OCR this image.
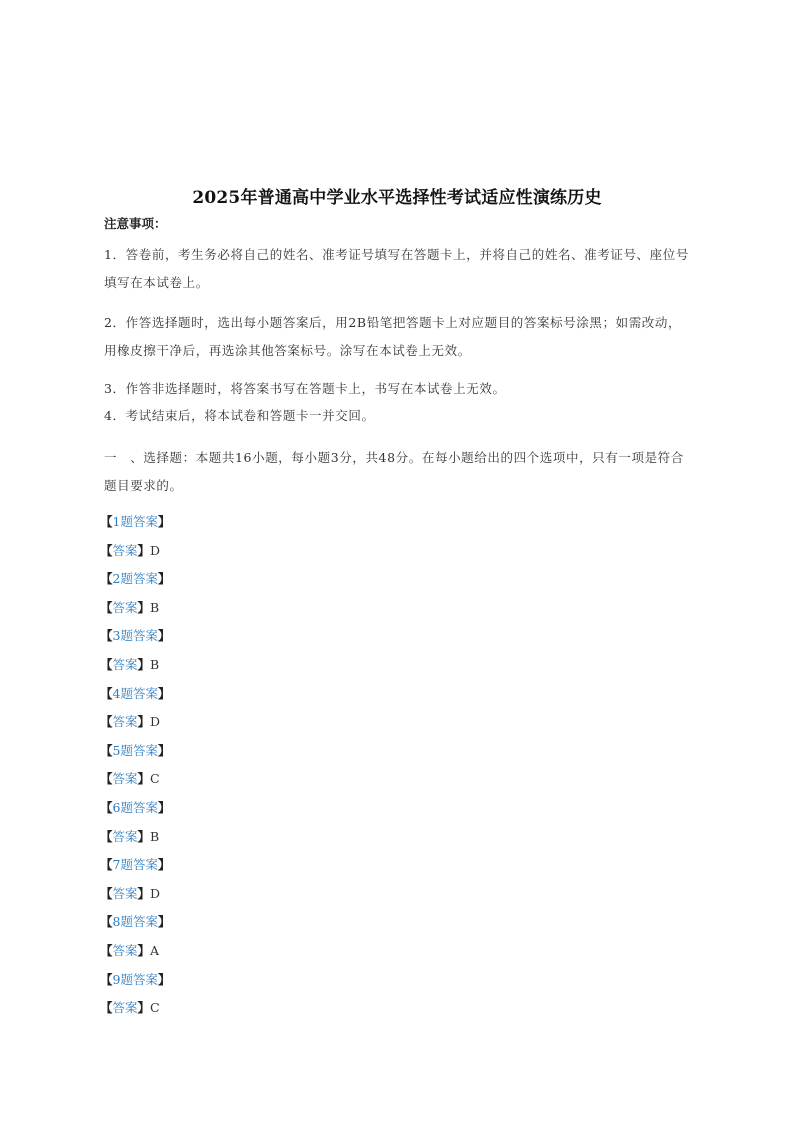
2025年普通高中学业水平选择性考试适应性演练历史
注意事项：
1．答卷前，考生务必将自己的姓名、准考证号填写在答题卡上，并将自己的姓名、准考证号、座位号填写在本试卷上。
2．作答选择题时，选出每小题答案后，用2B铅笔把答题卡上对应题目的答案标号涂黑；如需改动，用橡皮擦干净后，再选涂其他答案标号。涂写在本试卷上无效。
3．作答非选择题时，将答案书写在答题卡上，书写在本试卷上无效。
4．考试结束后，将本试卷和答题卡一并交回。
一　、选择题：本题共16小题，每小题3分，共48分。在每小题给出的四个选项中，只有一项是符合题目要求的。
【1题答案】
【答案】D
【2题答案】
【答案】B
【3题答案】
【答案】B
【4题答案】
【答案】D
【5题答案】
【答案】C
【6题答案】
【答案】B
【7题答案】
【答案】D
【8题答案】
【答案】A
【9题答案】
【答案】C
